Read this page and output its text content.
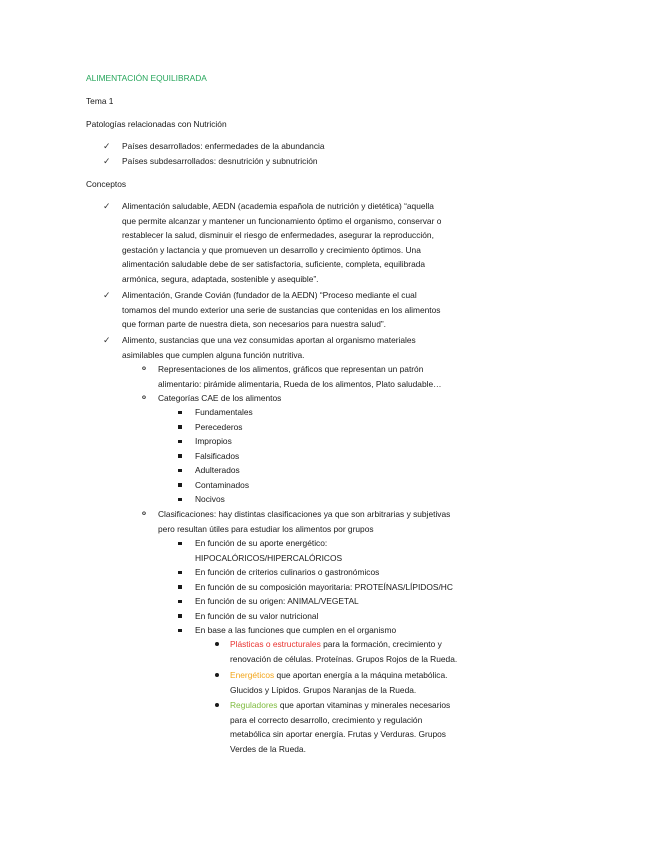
ALIMENTACIÓN EQUILIBRADA
Tema 1
Patologías relacionadas con Nutrición
✓ Países desarrollados: enfermedades de la abundancia
✓ Países subdesarrollados: desnutrición y subnutrición
Conceptos
✓ Alimentación saludable, AEDN (academia española de nutrición y dietética) “aquella
que permite alcanzar y mantener un funcionamiento óptimo el organismo, conservar o
restablecer la salud, disminuir el riesgo de enfermedades, asegurar la reproducción,
gestación y lactancia y que promueven un desarrollo y crecimiento óptimos. Una
alimentación saludable debe de ser satisfactoria, suficiente, completa, equilibrada
armónica, segura, adaptada, sostenible y asequible”.
✓ Alimentación, Grande Covián (fundador de la AEDN) “Proceso mediante el cual
tomamos del mundo exterior una serie de sustancias que contenidas en los alimentos
que forman parte de nuestra dieta, son necesarios para nuestra salud”.
✓ Alimento, sustancias que una vez consumidas aportan al organismo materiales
asimilables que cumplen alguna función nutritiva.
o Representaciones de los alimentos, gráficos que representan un patrón
alimentario: pirámide alimentaria, Rueda de los alimentos, Plato saludable…
o Categorías CAE de los alimentos
Fundamentales
Perecederos
Impropios
Falsificados
Adulterados
Contaminados
Nocivos
o Clasificaciones: hay distintas clasificaciones ya que son arbitrarias y subjetivas
pero resultan útiles para estudiar los alimentos por grupos
En función de su aporte energético:
HIPOCALÓRICOS/HIPERCALÓRICOS
En función de criterios culinarios o gastronómicos
En función de su composición mayoritaria: PROTEÍNAS/LÍPIDOS/HC
En función de su origen: ANIMAL/VEGETAL
En función de su valor nutricional
En base a las funciones que cumplen en el organismo
Plásticas o estructurales para la formación, crecimiento y
renovación de células. Proteínas. Grupos Rojos de la Rueda.
Energéticos que aportan energía a la máquina metabólica.
Glucidos y Lípidos. Grupos Naranjas de la Rueda.
Reguladores que aportan vitaminas y minerales necesarios
para el correcto desarrollo, crecimiento y regulación
metabólica sin aportar energía. Frutas y Verduras. Grupos
Verdes de la Rueda.
